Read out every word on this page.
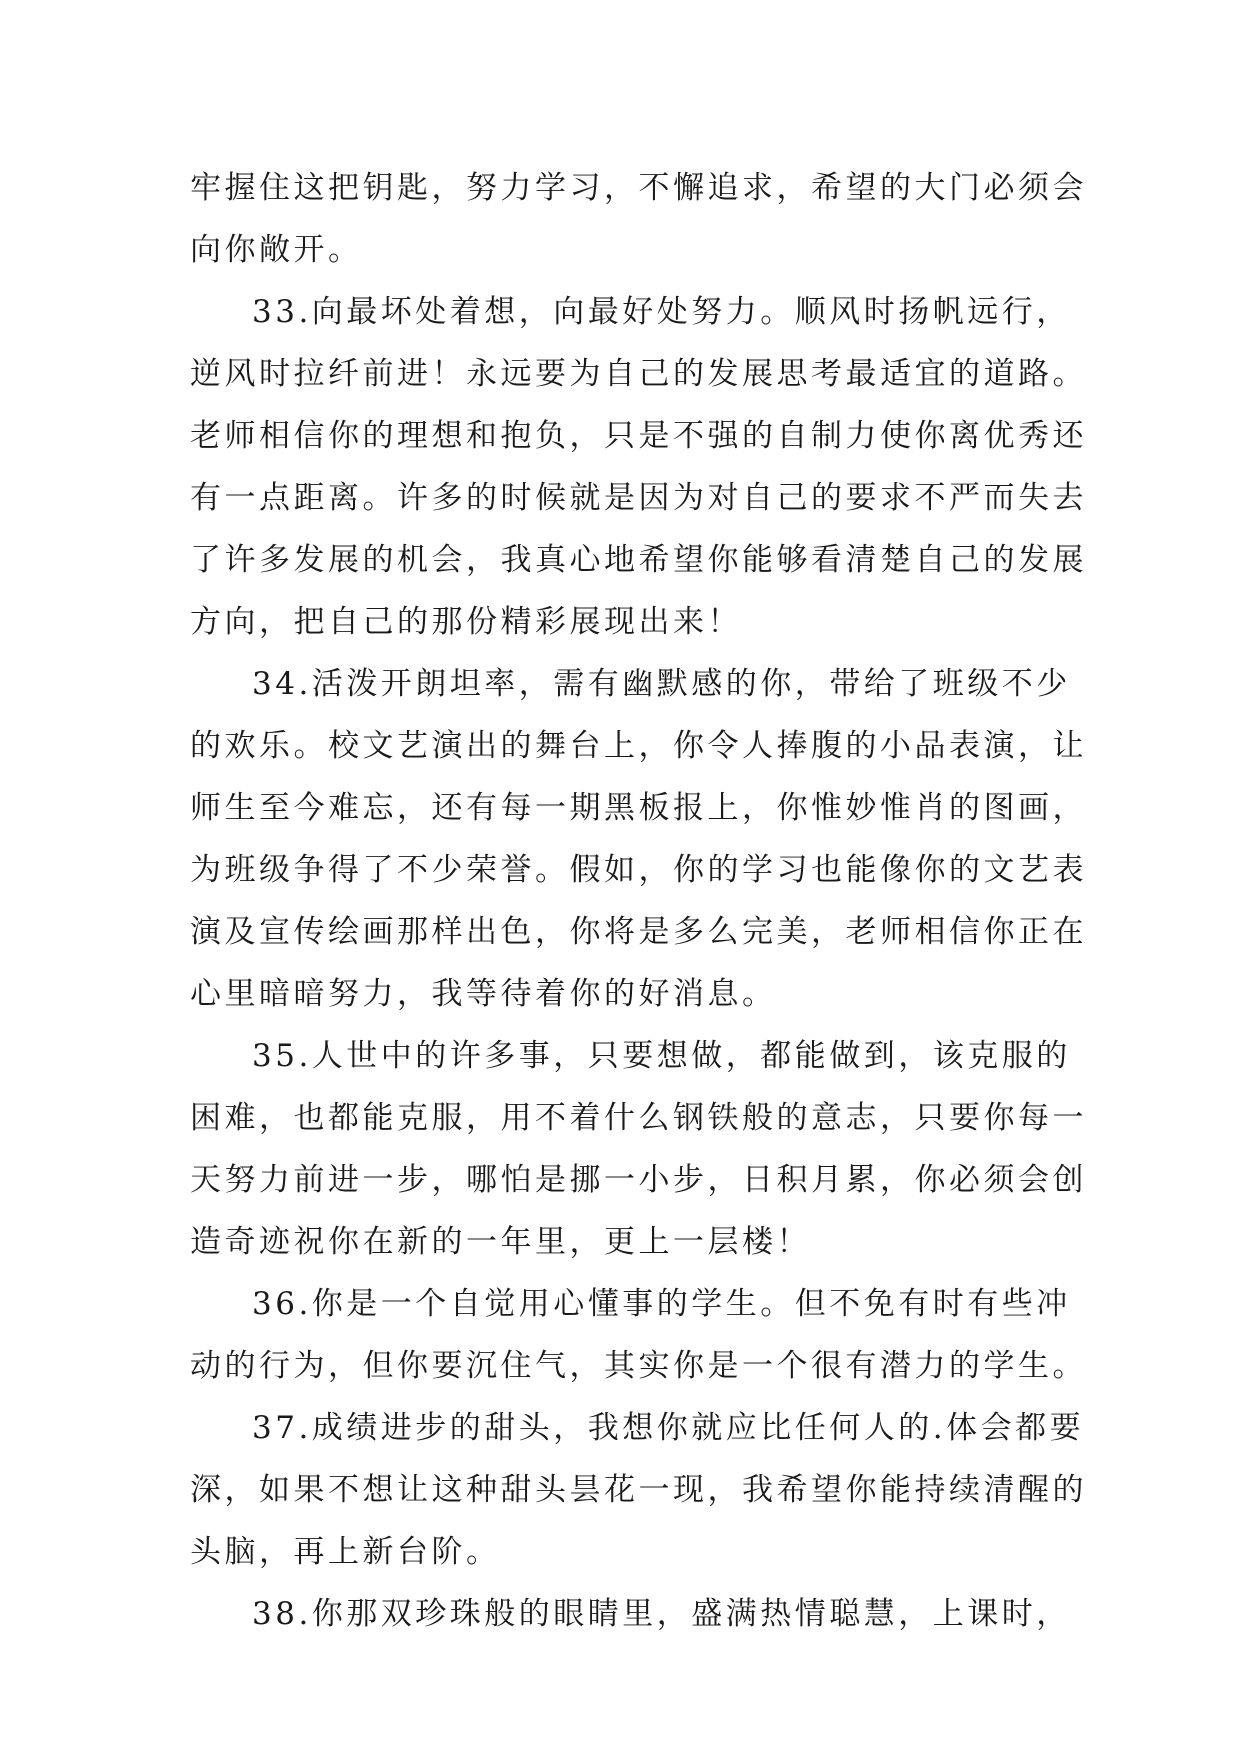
牢握住这把钥匙，努力学习，不懈追求，希望的大门必须会
向你敞开。
33.向最坏处着想，向最好处努力。顺风时扬帆远行，
逆风时拉纤前进！永远要为自己的发展思考最适宜的道路。
老师相信你的理想和抱负，只是不强的自制力使你离优秀还
有一点距离。许多的时候就是因为对自己的要求不严而失去
了许多发展的机会，我真心地希望你能够看清楚自己的发展
方向，把自己的那份精彩展现出来！
34.活泼开朗坦率，需有幽默感的你，带给了班级不少
的欢乐。校文艺演出的舞台上，你令人捧腹的小品表演，让
师生至今难忘，还有每一期黑板报上，你惟妙惟肖的图画，
为班级争得了不少荣誉。假如，你的学习也能像你的文艺表
演及宣传绘画那样出色，你将是多么完美，老师相信你正在
心里暗暗努力，我等待着你的好消息。
35.人世中的许多事，只要想做，都能做到，该克服的
困难，也都能克服，用不着什么钢铁般的意志，只要你每一
天努力前进一步，哪怕是挪一小步，日积月累，你必须会创
造奇迹祝你在新的一年里，更上一层楼！
36.你是一个自觉用心懂事的学生。但不免有时有些冲
动的行为，但你要沉住气，其实你是一个很有潜力的学生。
37.成绩进步的甜头，我想你就应比任何人的.体会都要
深，如果不想让这种甜头昙花一现，我希望你能持续清醒的
头脑，再上新台阶。
38.你那双珍珠般的眼睛里，盛满热情聪慧，上课时，
